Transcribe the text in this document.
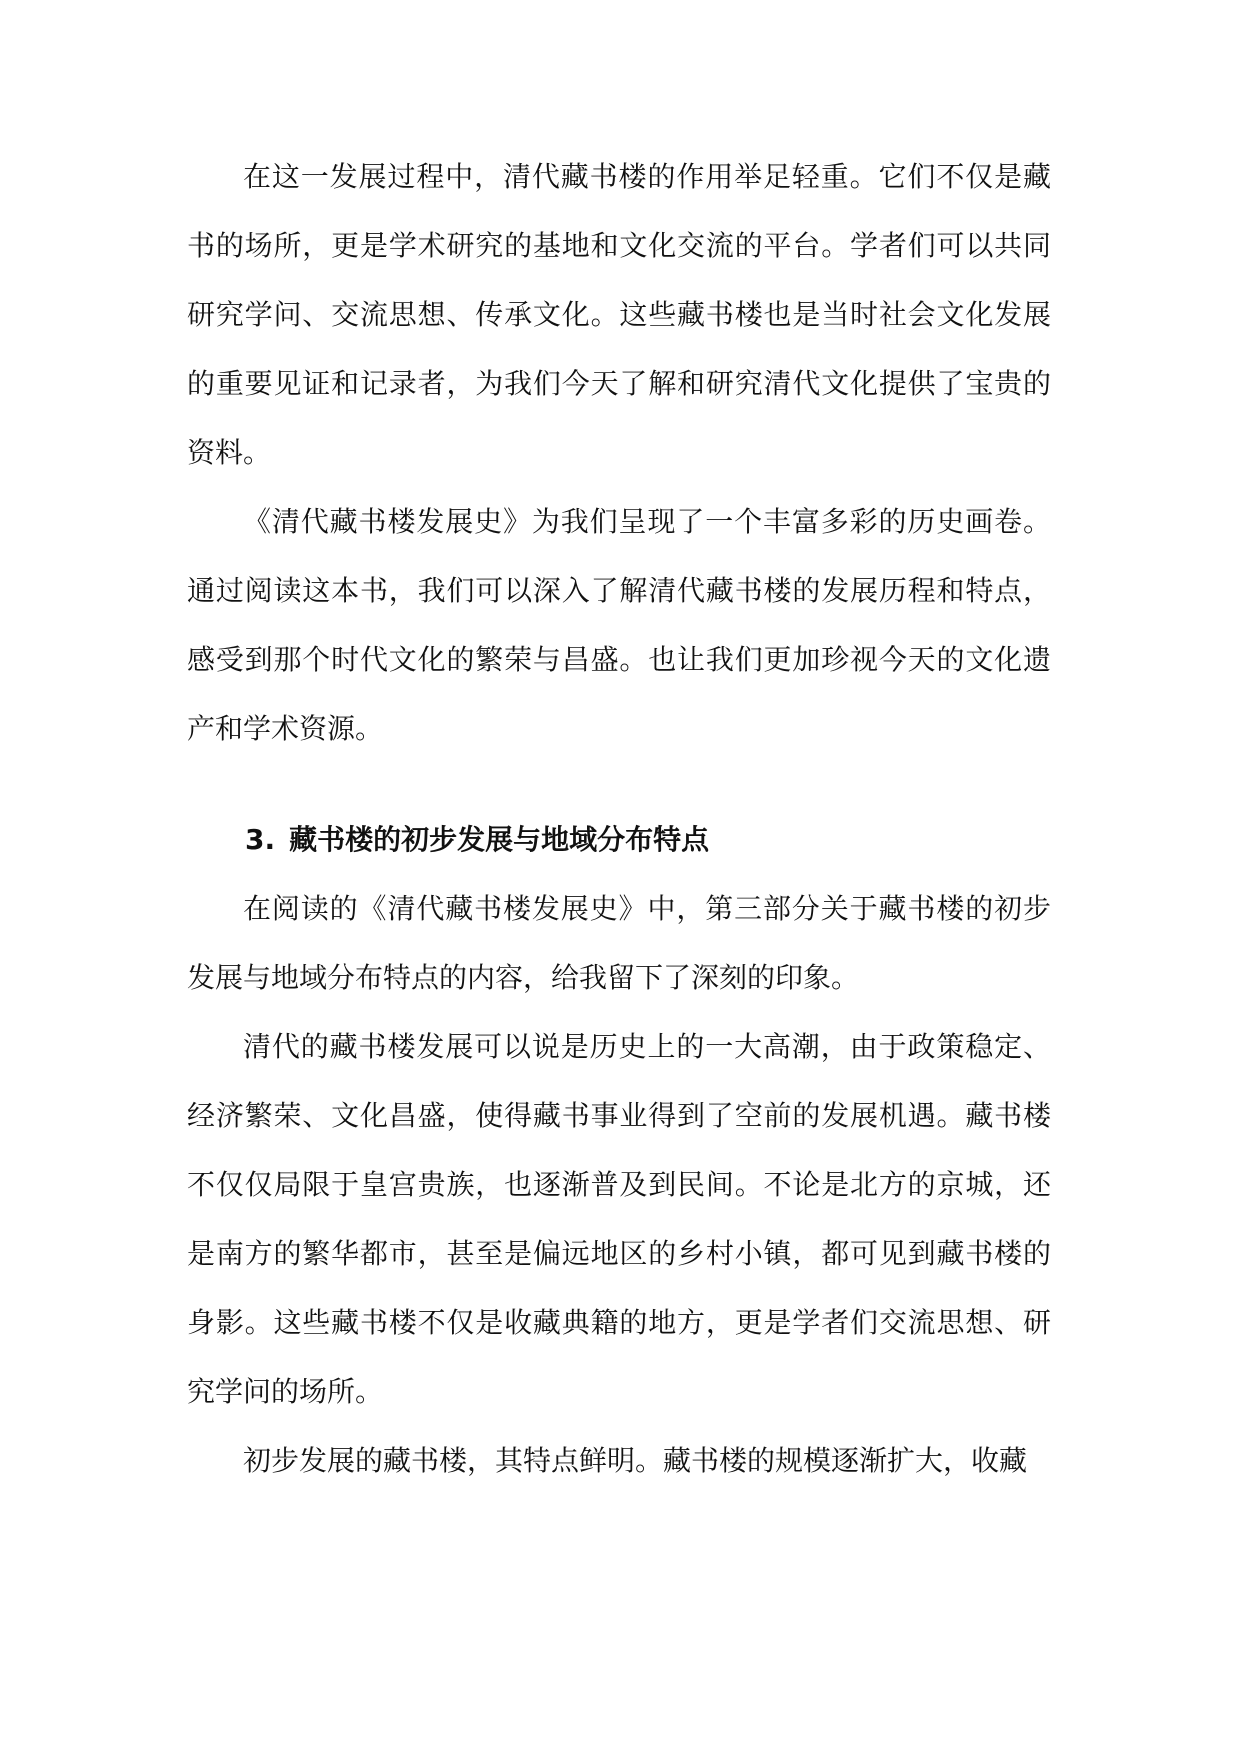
在这一发展过程中，清代藏书楼的作用举足轻重。它们不仅是藏书的场所，更是学术研究的基地和文化交流的平台。学者们可以共同研究学问、交流思想、传承文化。这些藏书楼也是当时社会文化发展的重要见证和记录者，为我们今天了解和研究清代文化提供了宝贵的资料。

《清代藏书楼发展史》为我们呈现了一个丰富多彩的历史画卷。通过阅读这本书，我们可以深入了解清代藏书楼的发展历程和特点，感受到那个时代文化的繁荣与昌盛。也让我们更加珍视今天的文化遗产和学术资源。

3. 藏书楼的初步发展与地域分布特点

在阅读的《清代藏书楼发展史》中，第三部分关于藏书楼的初步发展与地域分布特点的内容，给我留下了深刻的印象。

清代的藏书楼发展可以说是历史上的一大高潮，由于政策稳定、经济繁荣、文化昌盛，使得藏书事业得到了空前的发展机遇。藏书楼不仅仅局限于皇宫贵族，也逐渐普及到民间。不论是北方的京城，还是南方的繁华都市，甚至是偏远地区的乡村小镇，都可见到藏书楼的身影。这些藏书楼不仅是收藏典籍的地方，更是学者们交流思想、研究学问的场所。

初步发展的藏书楼，其特点鲜明。藏书楼的规模逐渐扩大，收藏
